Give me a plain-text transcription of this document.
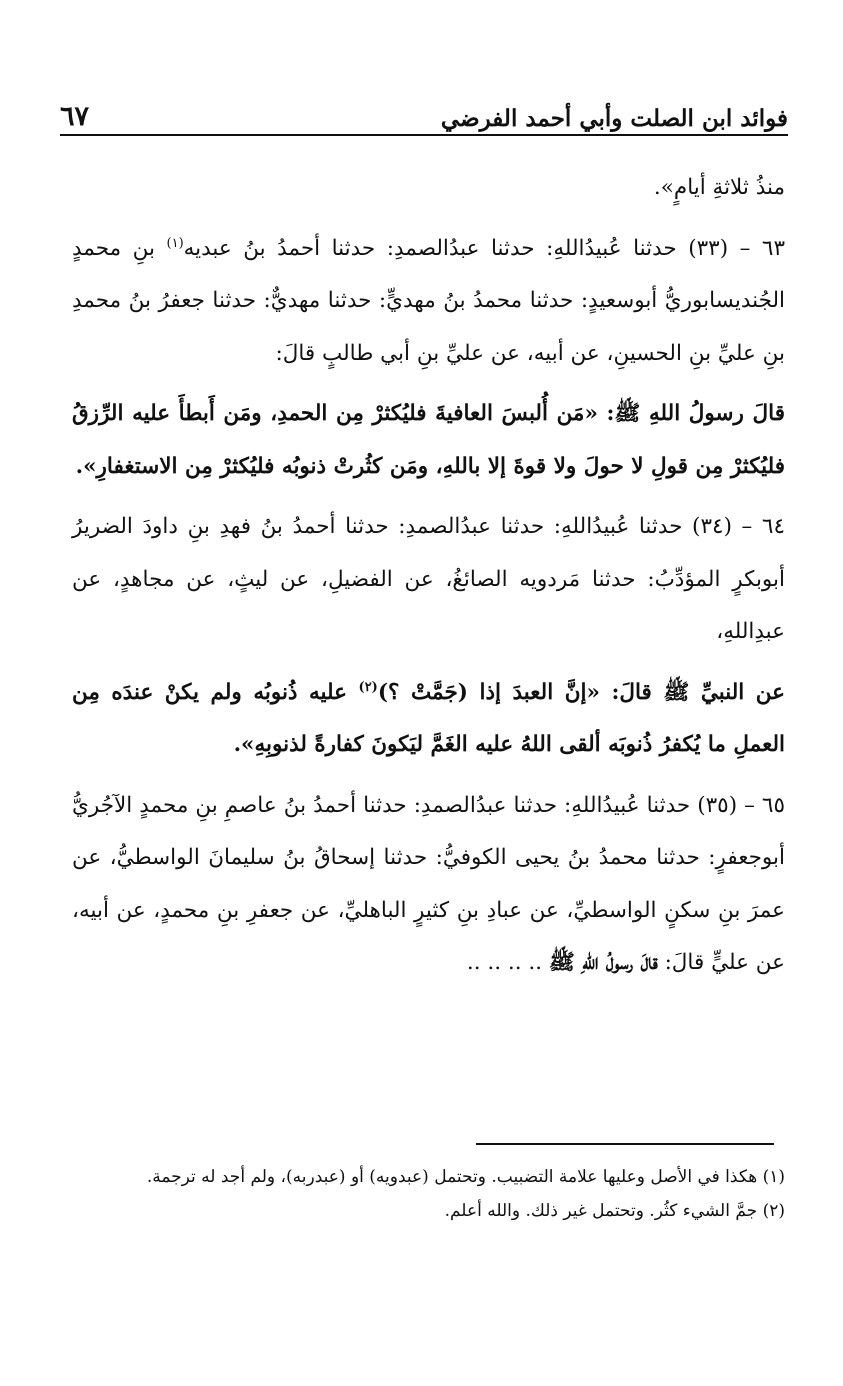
فوائد ابن الصلت وأبي أحمد الفرضي
٦٧

منذُ ثلاثةِ أيامٍ».

٦٣ – (٣٣) حدثنا عُبيدُاللهِ: حدثنا عبدُالصمدِ: حدثنا أحمدُ بنُ عبديه$^{(١)}$ بنِ محمدٍ الجُنديسابوريُّ أبوسعيدٍ: حدثنا محمدُ بنُ مهديٍّ: حدثنا مهديٌّ: حدثنا جعفرُ بنُ محمدِ بنِ عليِّ بنِ الحسينِ، عن أبيه، عن عليِّ بنِ أبي طالبٍ قالَ:

قالَ رسولُ اللهِ ﷺ: «مَن أُلبسَ العافيةَ فليُكثرْ مِن الحمدِ، ومَن أَبطأَ عليه الرِّزقُ فليُكثرْ مِن قولِ لا حولَ ولا قوةَ إلا باللهِ، ومَن كثُرتْ ذنوبُه فليُكثرْ مِن الاستغفارِ».

٦٤ – (٣٤) حدثنا عُبيدُاللهِ: حدثنا عبدُالصمدِ: حدثنا أحمدُ بنُ فهدِ بنِ داودَ الضريرُ أبوبكرٍ المؤدِّبُ: حدثنا مَردويه الصائغُ، عن الفضيلِ، عن ليثٍ، عن مجاهدٍ، عن عبدِاللهِ،

عن النبيِّ ﷺ قالَ: «إنَّ العبدَ إذا (جَمَّتْ ؟)$^{(٢)}$ عليه ذُنوبُه ولم يكنْ عندَه مِن العملِ ما يُكفرُ ذُنوبَه ألقى اللهُ عليه الغَمَّ ليَكونَ كفارةً لذنوبِهِ».

٦٥ – (٣٥) حدثنا عُبيدُاللهِ: حدثنا عبدُالصمدِ: حدثنا أحمدُ بنُ عاصمِ بنِ محمدٍ الآجُريُّ أبوجعفرٍ: حدثنا محمدُ بنُ يحيى الكوفيُّ: حدثنا إسحاقُ بنُ سليمانَ الواسطيُّ، عن عمرَ بنِ سكنٍ الواسطيِّ، عن عبادِ بنِ كثيرٍ الباهليِّ، عن جعفرِ بنِ محمدٍ، عن أبيه، عن عليٍّ قالَ: قالَ رسولُ اللهِ ﷺ .. .. .. ..

(١) هكذا في الأصل وعليها علامة التضبيب. وتحتمل (عبدويه) أو (عبدربه)، ولم أجد له ترجمة.

(٢) جمَّ الشيء كثُر. وتحتمل غير ذلك. والله أعلم.
